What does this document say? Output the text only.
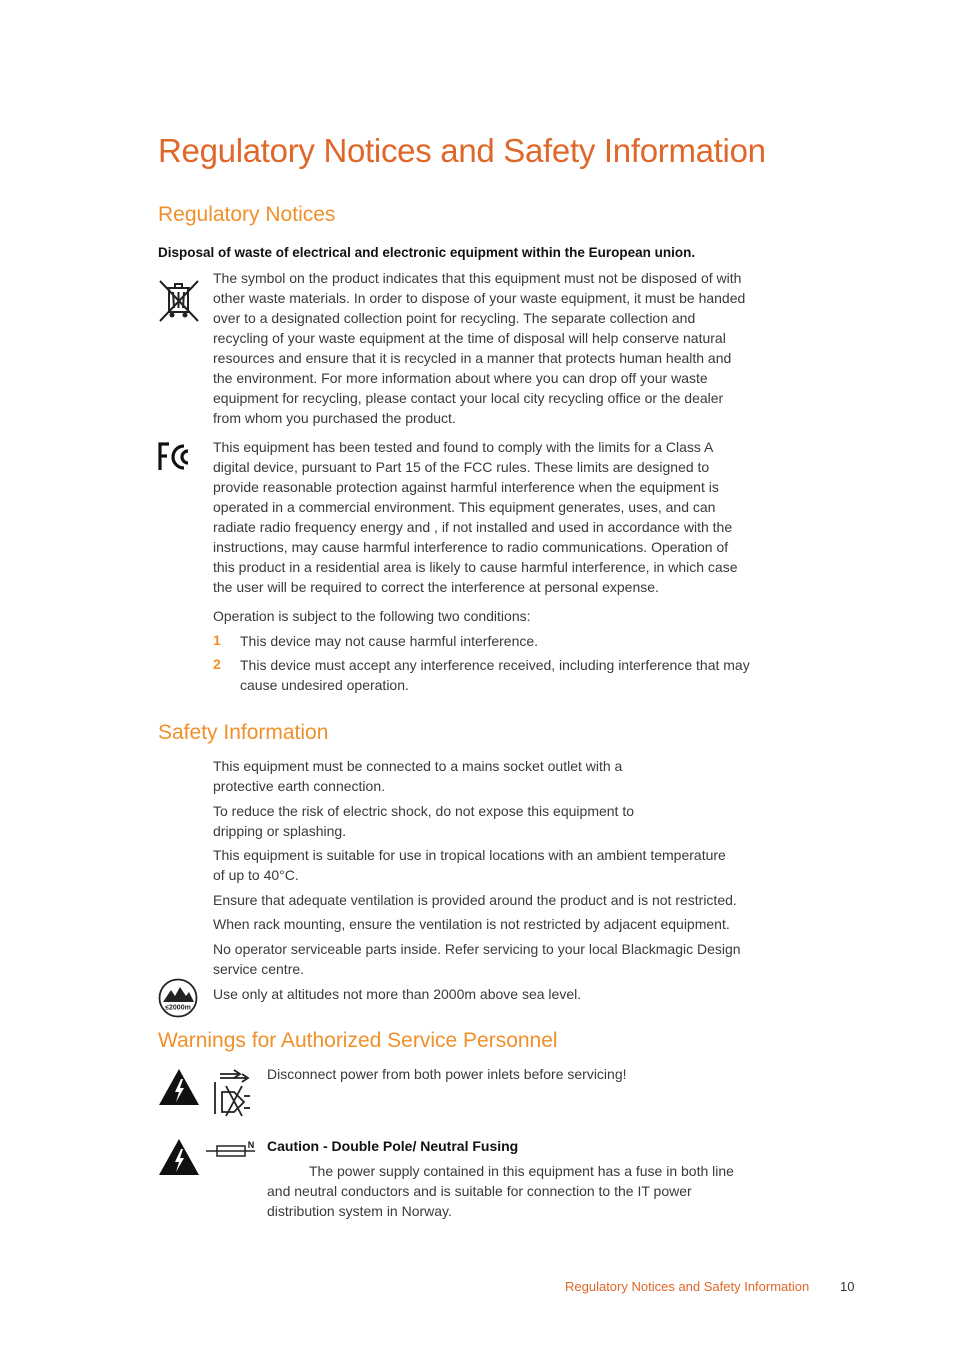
Regulatory Notices and Safety Information
Regulatory Notices
Disposal of waste of electrical and electronic equipment within the European union.
The symbol on the product indicates that this equipment must not be disposed of with
other waste materials. In order to dispose of your waste equipment, it must be handed
over to a designated collection point for recycling. The separate collection and
recycling of your waste equipment at the time of disposal will help conserve natural
resources and ensure that it is recycled in a manner that protects human health and
the environment. For more information about where you can drop off your waste
equipment for recycling, please contact your local city recycling office or the dealer
from whom you purchased the product.
This equipment has been tested and found to comply with the limits for a Class A
digital device, pursuant to Part 15 of the FCC rules. These limits are designed to
provide reasonable protection against harmful interference when the equipment is
operated in a commercial environment. This equipment generates, uses, and can
radiate radio frequency energy and , if not installed and used in accordance with the
instructions, may cause harmful interference to radio communications. Operation of
this product in a residential area is likely to cause harmful interference, in which case
the user will be required to correct the interference at personal expense.
Operation is subject to the following two conditions:
1 This device may not cause harmful interference.
2 This device must accept any interference received, including interference that may
cause undesired operation.
Safety Information
This equipment must be connected to a mains socket outlet with a
protective earth connection.
To reduce the risk of electric shock, do not expose this equipment to
dripping or splashing.
This equipment is suitable for use in tropical locations with an ambient temperature
of up to 40°C.
Ensure that adequate ventilation is provided around the product and is not restricted.
When rack mounting, ensure the ventilation is not restricted by adjacent equipment.
No operator serviceable parts inside. Refer servicing to your local Blackmagic Design
service centre.
≤2000m
Use only at altitudes not more than 2000m above sea level.
Warnings for Authorized Service Personnel
Disconnect power from both power inlets before servicing!
N Caution - Double Pole/ Neutral Fusing
The power supply contained in this equipment has a fuse in both line
and neutral conductors and is suitable for connection to the IT power
distribution system in Norway.
Regulatory Notices and Safety Information 10
